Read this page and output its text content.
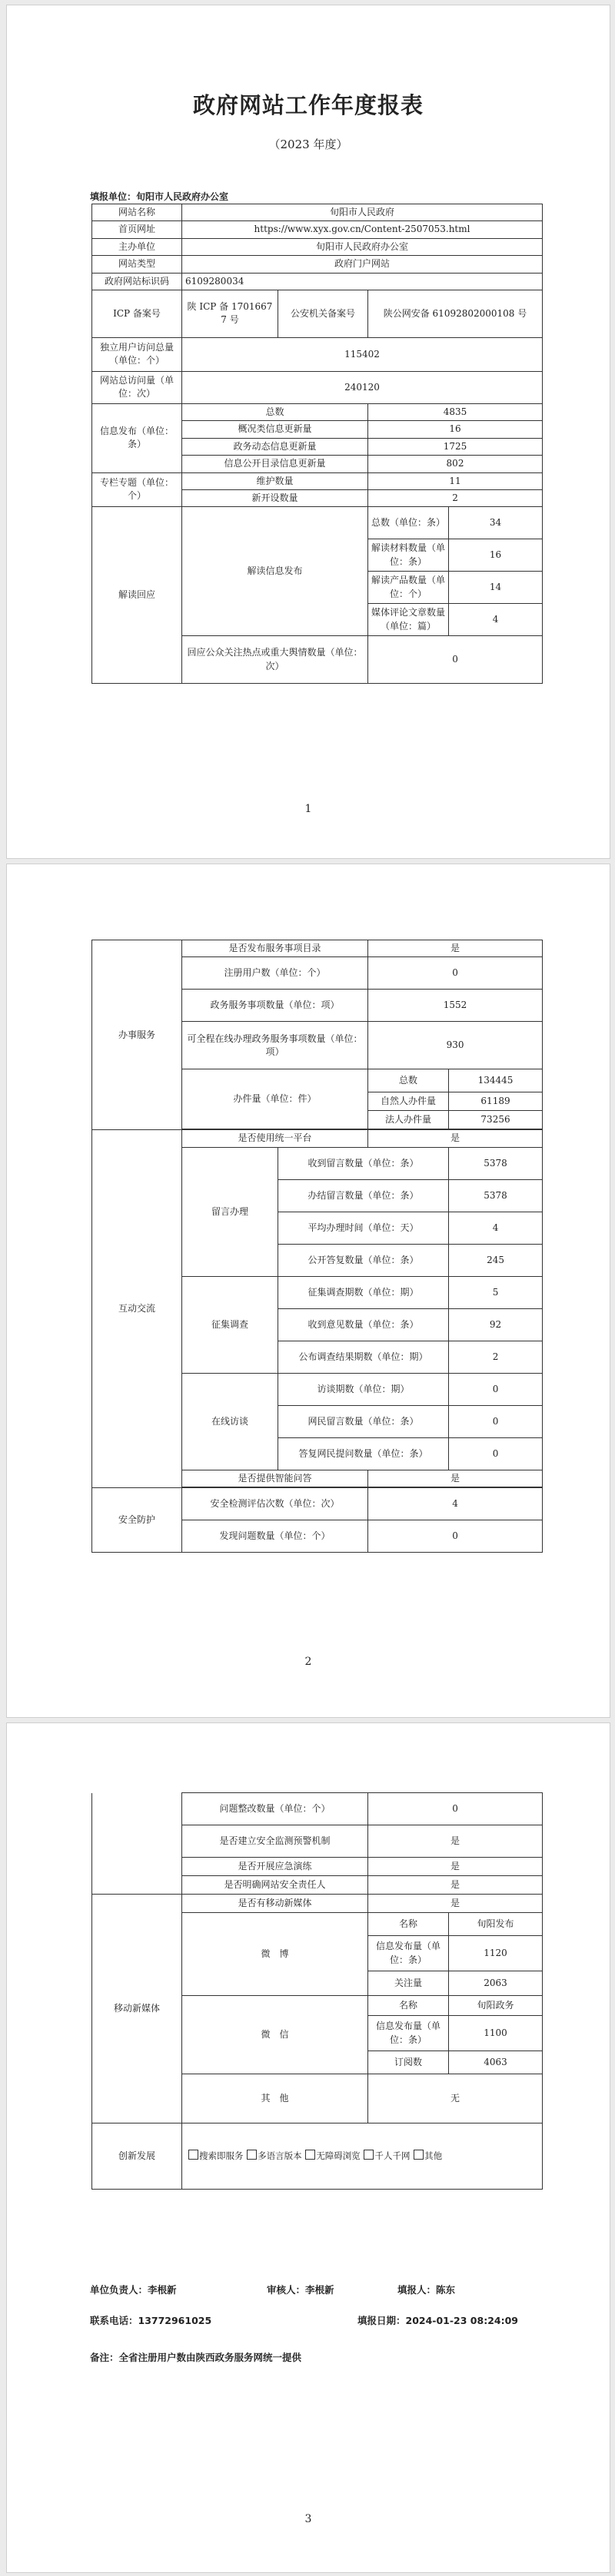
政府网站工作年度报表
（2023 年度）
填报单位：旬阳市人民政府办公室
网站名称	旬阳市人民政府			
首页网址	https://www.xyx.gov.cn/Content-2507053.html			
主办单位	旬阳市人民政府办公室			
网站类型	政府门户网站			
政府网站标识码	6109280034			
ICP 备案号	陕 ICP 备 17016677 号	公安机关备案号	陕公网安备 61092802000108 号	
独立用户访问总量（单位：个）	115402			
网站总访问量（单位：次）	240120			
信息发布（单位：条）	总数		4835	
	概况类信息更新量		16	
	政务动态信息更新量		1725	
	信息公开目录信息更新量		802	
专栏专题（单位：个）	维护数量		11	
	新开设数量		2	
解读回应	解读信息发布		总数（单位：条）	34
			解读材料数量（单位：条）	16
			解读产品数量（单位：个）	14
			媒体评论文章数量（单位：篇）	4
	回应公众关注热点或重大舆情数量（单位：次）		0	
1
办事服务	是否发布服务事项目录		是	
	注册用户数（单位：个）		0	
	政务服务事项数量（单位：项）		1552	
	可全程在线办理政务服务事项数量（单位：项）		930	
	办件量（单位：件）		总数	134445
			自然人办件量	61189
			法人办件量	73256

互动交流	是否使用统一平台		是	
	留言办理	收到留言数量（单位：条）		5378
		办结留言数量（单位：条）		5378
		平均办理时间（单位：天）		4
		公开答复数量（单位：条）		245
	征集调查	征集调查期数（单位：期）		5
		收到意见数量（单位：条）		92
		公布调查结果期数（单位：期）		2
	在线访谈	访谈期数（单位：期）		0
		网民留言数量（单位：条）		0
		答复网民提问数量（单位：条）		0
	是否提供智能问答		是	

安全防护	安全检测评估次数（单位：次）		4	
	发现问题数量（单位：个）		0	
2
	问题整改数量（单位：个）	0	
	是否建立安全监测预警机制	是	
	是否开展应急演练	是	
	是否明确网站安全责任人	是	
移动新媒体	是否有移动新媒体	是	
	微　博	名称	旬阳发布
		信息发布量（单位：条）	1120
		关注量	2063
	微　信	名称	旬阳政务
		信息发布量（单位：条）	1100
		订阅数	4063
	其　他	无	
创新发展	搜索即服务 多语言版本 无障碍浏览 千人千网 其他		
单位负责人：李根新	审核人：李根新	填报人：陈东
联系电话：13772961025	填报日期：2024-01-23 08:24:09
备注：全省注册用户数由陕西政务服务网统一提供
3
